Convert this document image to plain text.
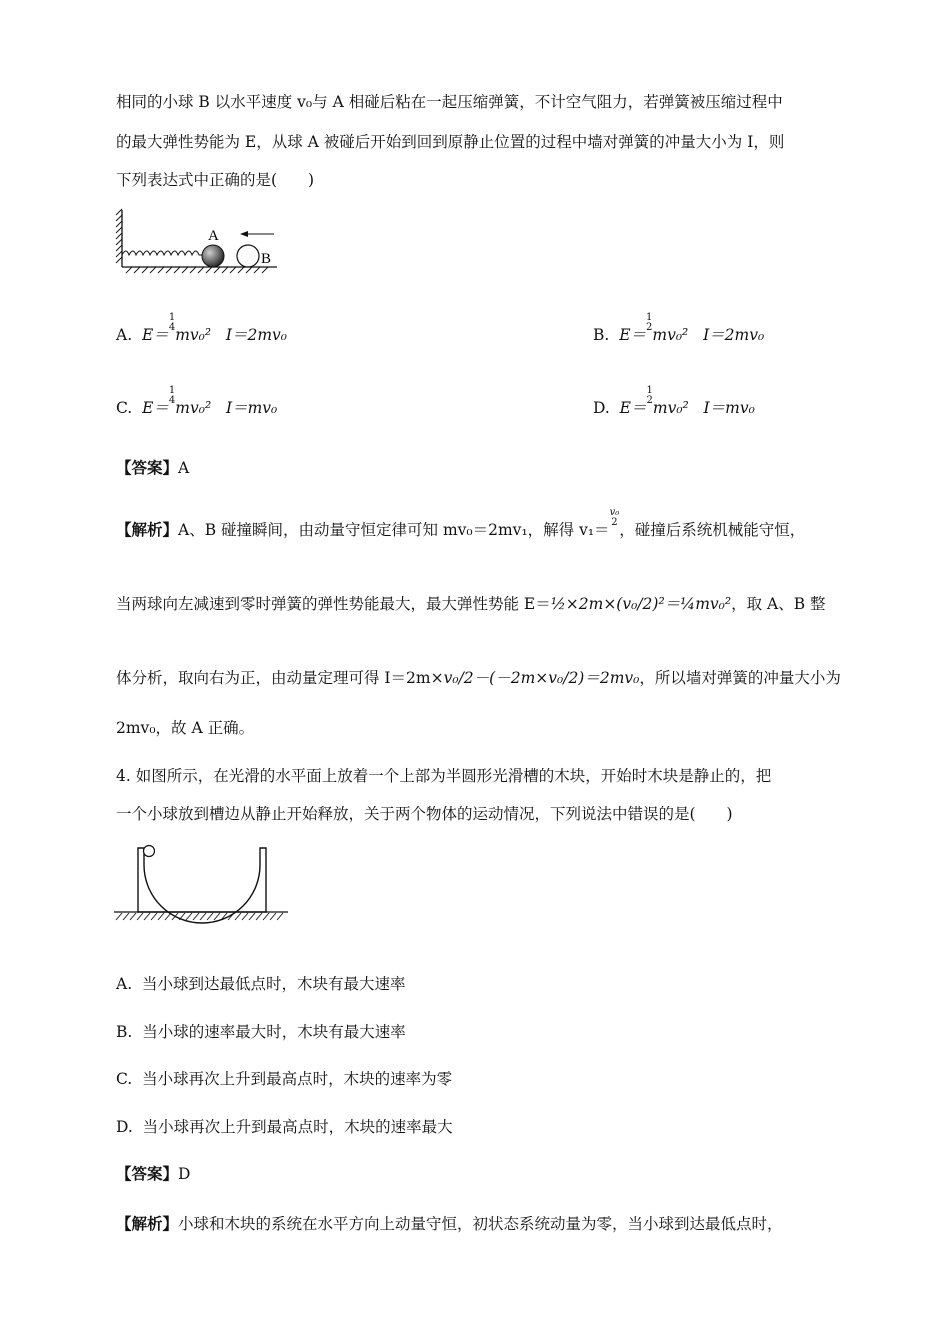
相同的小球 B 以水平速度 v₀与 A 相碰后粘在一起压缩弹簧，不计空气阻力，若弹簧被压缩过程中
的最大弹性势能为 E，从球 A 被碰后开始到回到原静止位置的过程中墙对弹簧的冲量大小为 I，则
下列表达式中正确的是(　　)
A
B
A. E＝
1
4 mv₀² I＝2mv₀	B. E＝
1
2 mv₀² I＝2mv₀
C. E＝
1
4 mv₀² I＝mv₀	D. E＝
1
2 mv₀² I＝mv₀
【答案】A
【解析】A、B 碰撞瞬间，由动量守恒定律可知 mv₀＝2mv₁，解得 v₁＝
v₀
2 ，碰撞后系统机械能守恒，
当两球向左减速到零时弹簧的弹性势能最大，最大弹性势能 E＝½×2m×(v₀/2)²＝¼mv₀²，取 A、B 整
体分析，取向右为正，由动量定理可得 I＝2m×v₀/2－(－2m×v₀/2)＝2mv₀，所以墙对弹簧的冲量大小为
2mv₀，故 A 正确。
4. 如图所示，在光滑的水平面上放着一个上部为半圆形光滑槽的木块，开始时木块是静止的，把
一个小球放到槽边从静止开始释放，关于两个物体的运动情况，下列说法中错误的是(　　)
A. 当小球到达最低点时，木块有最大速率
B. 当小球的速率最大时，木块有最大速率
C. 当小球再次上升到最高点时，木块的速率为零
D. 当小球再次上升到最高点时，木块的速率最大
【答案】D
【解析】小球和木块的系统在水平方向上动量守恒，初状态系统动量为零，当小球到达最低点时，
